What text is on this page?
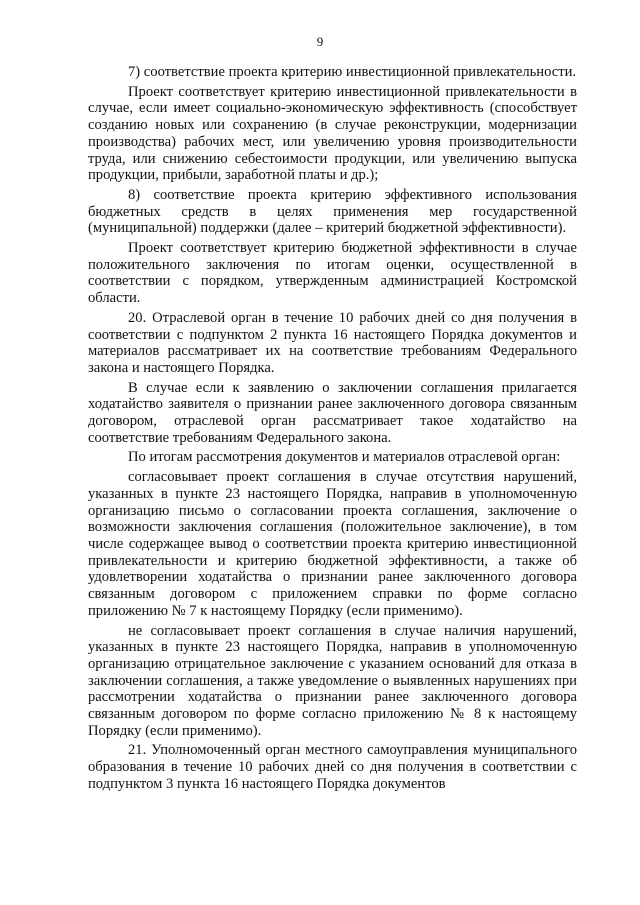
9

7) соответствие проекта критерию инвестиционной привлекательности.

Проект соответствует критерию инвестиционной привлекательности в случае, если имеет социально-экономическую эффективность (способствует созданию новых или сохранению (в случае реконструкции, модернизации производства) рабочих мест, или увеличению уровня производительности труда, или снижению себестоимости продукции, или увеличению выпуска продукции, прибыли, заработной платы и др.);

8) соответствие проекта критерию эффективного использования бюджетных средств в целях применения мер государственной (муниципальной) поддержки (далее – критерий бюджетной эффективности).

Проект соответствует критерию бюджетной эффективности в случае положительного заключения по итогам оценки, осуществленной в соответствии с порядком, утвержденным администрацией Костромской области.

20. Отраслевой орган в течение 10 рабочих дней со дня получения в соответствии с подпунктом 2 пункта 16 настоящего Порядка документов и материалов рассматривает их на соответствие требованиям Федерального закона и настоящего Порядка.

В случае если к заявлению о заключении соглашения прилагается ходатайство заявителя о признании ранее заключенного договора связанным договором, отраслевой орган рассматривает такое ходатайство на соответствие требованиям Федерального закона.

По итогам рассмотрения документов и материалов отраслевой орган:

согласовывает проект соглашения в случае отсутствия нарушений, указанных в пункте 23 настоящего Порядка, направив в уполномоченную организацию письмо о согласовании проекта соглашения, заключение о возможности заключения соглашения (положительное заключение), в том числе содержащее вывод о соответствии проекта критерию инвестиционной привлекательности и критерию бюджетной эффективности, а также об удовлетворении ходатайства о признании ранее заключенного договора связанным договором с приложением справки по форме согласно приложению № 7 к настоящему Порядку (если применимо).

не согласовывает проект соглашения в случае наличия нарушений, указанных в пункте 23 настоящего Порядка, направив в уполномоченную организацию отрицательное заключение с указанием оснований для отказа в заключении соглашения, а также уведомление о выявленных нарушениях при рассмотрении ходатайства о признании ранее заключенного договора связанным договором по форме согласно приложению № 8 к настоящему Порядку (если применимо).

21. Уполномоченный орган местного самоуправления муниципального образования в течение 10 рабочих дней со дня получения в соответствии с подпунктом 3 пункта 16 настоящего Порядка документов
